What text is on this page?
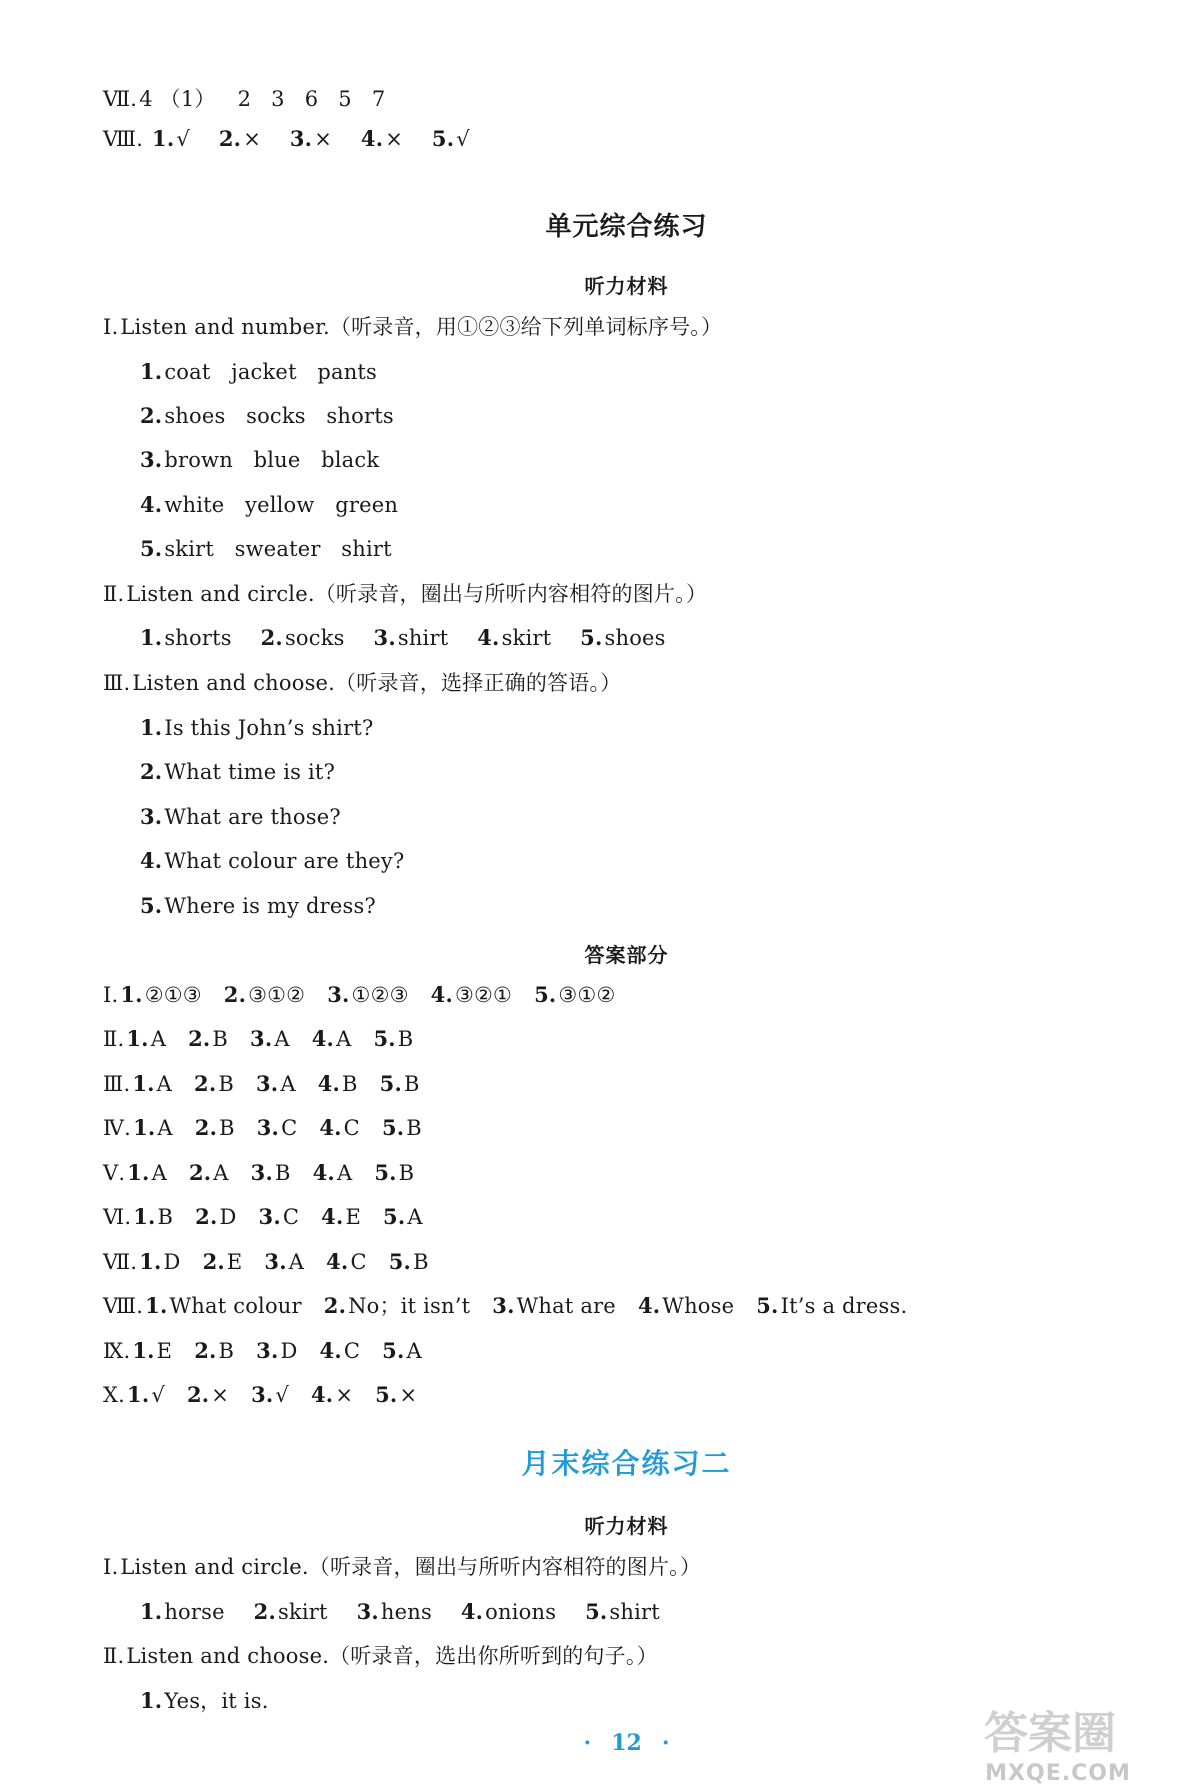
Ⅶ.4 （1） 2 3 6 5 7
Ⅷ. 1.√ 2.× 3.× 4.× 5.√
单元综合练习
听力材料
Ⅰ.Listen and number.（听录音，用①②③给下列单词标序号。）
1.coat   jacket   pants
2.shoes   socks   shorts
3.brown   blue   black
4.white   yellow   green
5.skirt   sweater   shirt
Ⅱ.Listen and circle.（听录音，圈出与所听内容相符的图片。）
1.shorts 2.socks 3.shirt 4.skirt 5.shoes
Ⅲ.Listen and choose.（听录音，选择正确的答语。）
1.Is this John’s shirt?
2.What time is it?
3.What are those?
4.What colour are they?
5.Where is my dress?
答案部分
Ⅰ.1.②①③ 2.③①② 3.①②③ 4.③②① 5.③①②
Ⅱ.1.A 2.B 3.A 4.A 5.B
Ⅲ.1.A 2.B 3.A 4.B 5.B
Ⅳ.1.A 2.B 3.C 4.C 5.B
Ⅴ.1.A 2.A 3.B 4.A 5.B
Ⅵ.1.B 2.D 3.C 4.E 5.A
Ⅶ.1.D 2.E 3.A 4.C 5.B
Ⅷ.1.What colour 2.No；it isn’t 3.What are 4.Whose 5.It’s a dress.
Ⅸ.1.E 2.B 3.D 4.C 5.A
Ⅹ.1.√ 2.× 3.√ 4.× 5.×
月末综合练习二
听力材料
Ⅰ.Listen and circle.（听录音，圈出与所听内容相符的图片。）
1.horse 2.skirt 3.hens 4.onions 5.shirt
Ⅱ.Listen and choose.（听录音，选出你所听到的句子。）
1.Yes，it is.
· 12 ·	答案圈
MXQE.COM
